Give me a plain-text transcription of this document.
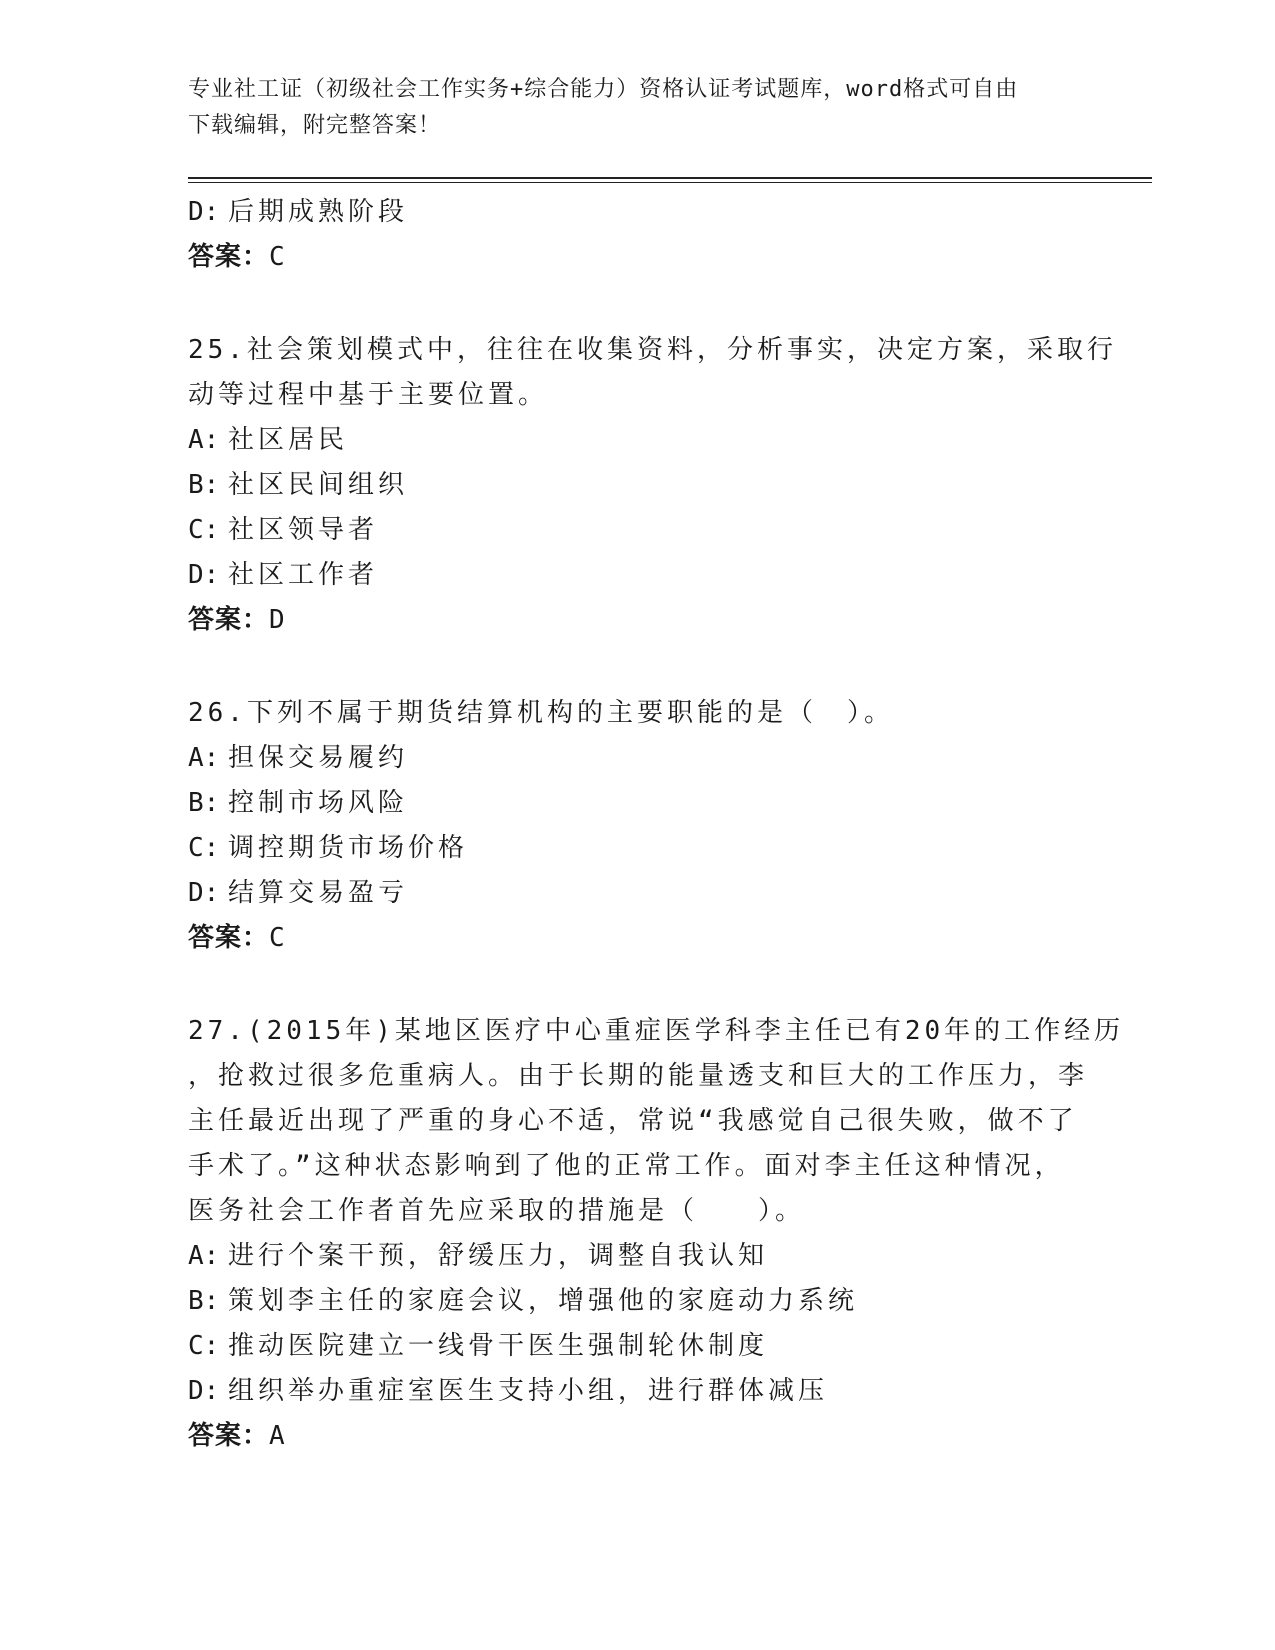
专业社工证（初级社会工作实务+综合能力）资格认证考试题库，word格式可自由
下载编辑，附完整答案！
D: 后期成熟阶段
答案：C
25.社会策划模式中，往往在收集资料，分析事实，决定方案，采取行
动等过程中基于主要位置。
A: 社区居民
B: 社区民间组织
C: 社区领导者
D: 社区工作者
答案：D
26.下列不属于期货结算机构的主要职能的是（　）。
A: 担保交易履约
B: 控制市场风险
C: 调控期货市场价格
D: 结算交易盈亏
答案：C
27.(2015年)某地区医疗中心重症医学科李主任已有20年的工作经历
，抢救过很多危重病人。由于长期的能量透支和巨大的工作压力，李
主任最近出现了严重的身心不适，常说“我感觉自己很失败，做不了
手术了。”这种状态影响到了他的正常工作。面对李主任这种情况，
医务社会工作者首先应采取的措施是（　　）。
A: 进行个案干预，舒缓压力，调整自我认知
B: 策划李主任的家庭会议，增强他的家庭动力系统
C: 推动医院建立一线骨干医生强制轮休制度
D: 组织举办重症室医生支持小组，进行群体减压
答案：A
